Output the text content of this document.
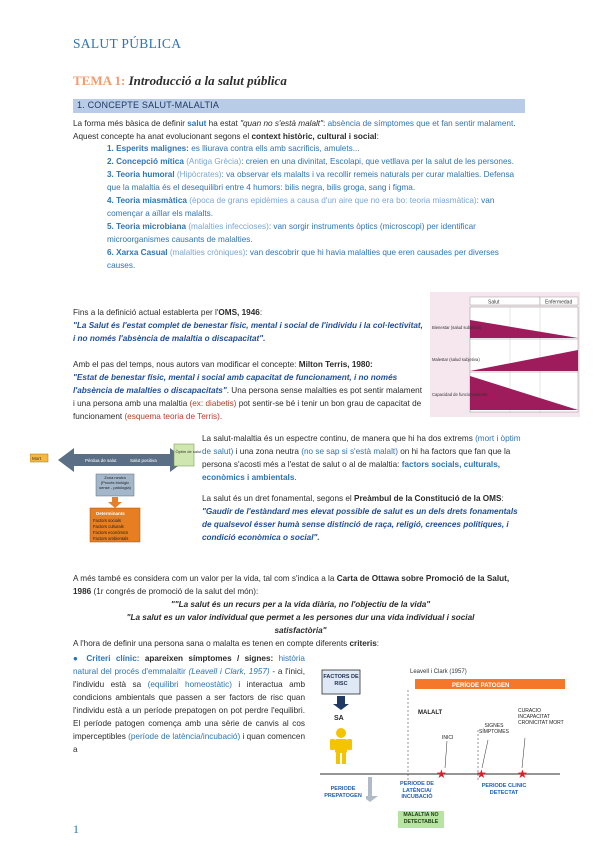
SALUT PÚBLICA
TEMA 1: Introducció a la salut pública
1. CONCEPTE SALUT-MALALTIA

La forma més bàsica de definir salut ha estat "quan no s'està malalt": absència de símptomes que et fan sentir malament. Aquest concepte ha anat evolucionant segons el context històric, cultural i social:

1. Esperits malignes: es lliurava contra ells amb sacrificis, amulets...
2. Concepció mítica (Antiga Grècia): creien en una divinitat, Escolapi, que vetllava per la salut de les persones.
3. Teoria humoral (Hipòcrates): va observar els malalts i va recollir remeis naturals per curar malalties. Defensa que la malaltia és el desequilibri entre 4 humors: bilis negra, bilis groga, sang i figma.
4. Teoria miasmàtica (època de grans epidèmies a causa d'un aire que no era bo: teoria miasmàtica): van començar a aïllar els malalts.
5. Teoria microbiana (malalties infeccioses): van sorgir instruments òptics (microscopi) per identificar microorganismes causants de malalties.
6. Xarxa Casual (malalties cròniques): van descobrir que hi havia malalties que eren causades per diverses causes.

Fins a la definició actual establerta per l'OMS, 1946:
"La Salut és l'estat complet de benestar físic, mental i social de l'individu i la col·lectivitat, i no només l'absència de malaltia o discapacitat".

Amb el pas del temps, nous autors van modificar el concepte: Milton Terris, 1980:
"Estat de benestar físic, mental i social amb capacitat de funcionament, i no només l'absència de malalties o discapacitats". Una persona sense malalties es pot sentir malament i una persona amb una malaltia (ex: diabetis) pot sentir-se bé i tenir un bon grau de capacitat de funcionament (esquema teoria de Terris).

Salut	Enfermedad
Bienestar (salud subjetiva)
Malestar (salud subjetiva)
Capacidad de funcionamiento
Mort	Pèrdua de salut	Salut positiva
Òptim de salut
Zona neutra (Procés biològic sense - patologia)
Determinants
Factors socials
Factors culturals
Factors econòmics
Factors ambientals

La salut-malaltia és un espectre continu, de manera que hi ha dos extrems (mort i òptim de salut) i una zona neutra (no se sap si s'està malalt) on hi ha factors que fan que la persona s'acosti més a l'estat de salut o al de malaltia: factors socials, culturals, econòmics i ambientals.

La salut és un dret fonamental, segons el Preàmbul de la Constitució de la OMS:
"Gaudir de l'estàndard mes elevat possible de salut es un dels drets fonamentals de qualsevol ésser humà sense distinció de raça, religió, creences polítiques, i condició econòmica o social".

A més també es considera com un valor per la vida, tal com s'indica a la Carta de Ottawa sobre Promoció de la Salut, 1986 (1r congrés de promoció de la salut del món):

""La salut és un recurs per a la vida diària, no l'objectiu de la vida"

"La salut es un valor individual que permet a les persones dur una vida individual i social satisfactòria"

A l'hora de definir una persona sana o malalta es tenen en compte diferents criteris:

● Criteri clínic: apareixen símptomes / signes: història natural del procés d'emmalaltir (Leavell i Clark, 1957) - a l'inici, l'individu està sa (equilibri homeostàtic) i interactua amb condicions ambientals que passen a ser factors de risc quan l'individu està a un període prepatogen on pot perdre l'equilibri. El període patogen comença amb una sèrie de canvis al cos imperceptibles (període de latència/incubació) i quan comencen a

Leavell i Clark (1957)
FACTORS DE RISC
SA
PERÍODE PATOGEN
MALALT
INICI
SIGNES SÍMPTOMES
CURACIÓ INCAPACITAT CRONICITAT MORT
★ ★	★
PERÍODE PREPATOGEN
PERÍODE DE LATÈNCIA/ INCUBACIÓ
PERÍODE CLÍNIC DETECTAT
MALALTIA NO DETECTABLE
1
